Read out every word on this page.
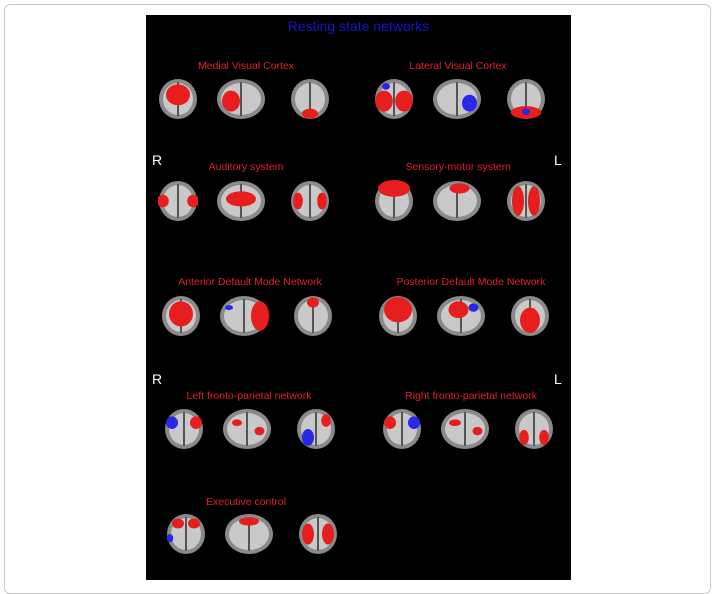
Resting state networks
R	L
R	L
Medial Visual Cortex	Lateral Visual Cortex
Auditory system	Sensory-motor system
Anterior Default Mode Network	Posterior Default Mode Network
Left fronto-parietal network	Right fronto-parietal network
Executive control
